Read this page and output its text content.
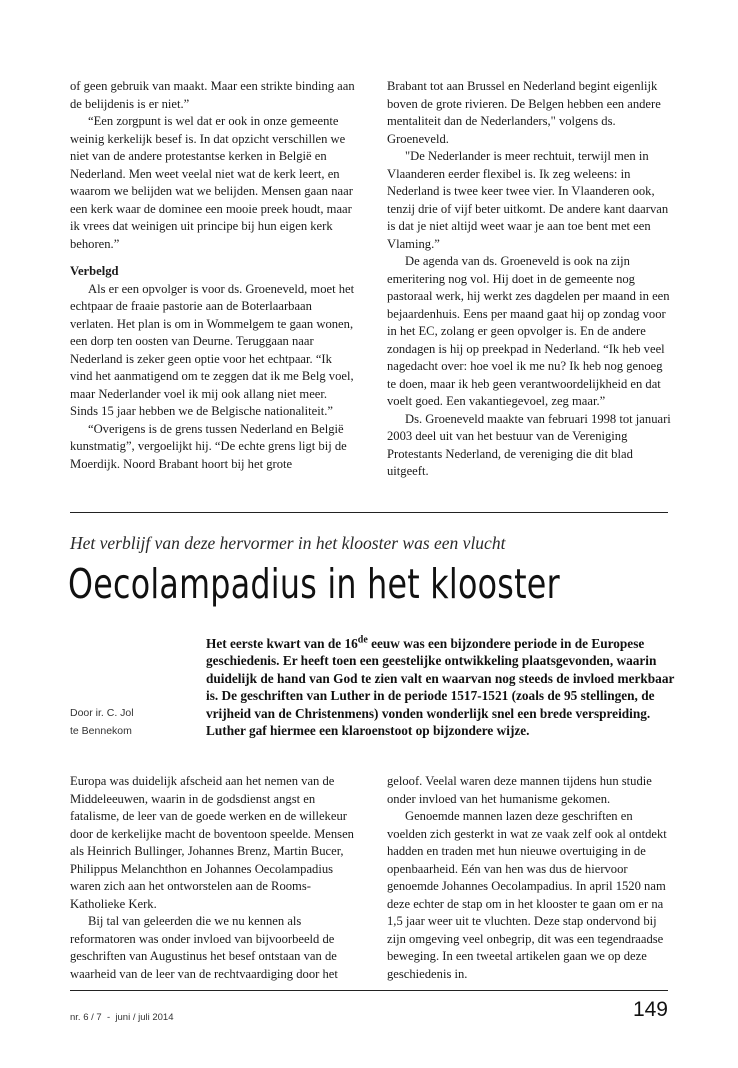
of geen gebruik van maakt. Maar een strikte binding aan de belijdenis is er niet.”

“Een zorgpunt is wel dat er ook in onze gemeente weinig kerkelijk besef is. In dat opzicht verschillen we niet van de andere protestantse kerken in België en Nederland. Men weet veelal niet wat de kerk leert, en waarom we belijden wat we belijden. Mensen gaan naar een kerk waar de dominee een mooie preek houdt, maar ik vrees dat weinigen uit principe bij hun eigen kerk behoren.”

Verbelgd

Als er een opvolger is voor ds. Groeneveld, moet het echtpaar de fraaie pastorie aan de Boterlaarbaan verlaten. Het plan is om in Wommelgem te gaan wonen, een dorp ten oosten van Deurne. Teruggaan naar Nederland is zeker geen optie voor het echtpaar. “Ik vind het aanmatigend om te zeggen dat ik me Belg voel, maar Nederlander voel ik mij ook allang niet meer. Sinds 15 jaar hebben we de Belgische nationaliteit.”

“Overigens is de grens tussen Nederland en België kunstmatig”, vergoelijkt hij. “De echte grens ligt bij de Moerdijk. Noord Brabant hoort bij het grote

Brabant tot aan Brussel en Nederland begint eigenlijk boven de grote rivieren. De Belgen hebben een andere mentaliteit dan de Nederlanders," volgens ds. Groeneveld.

"De Nederlander is meer rechtuit, terwijl men in Vlaanderen eerder flexibel is. Ik zeg weleens: in Nederland is twee keer twee vier. In Vlaanderen ook, tenzij drie of vijf beter uitkomt. De andere kant daarvan is dat je niet altijd weet waar je aan toe bent met een Vlaming.”

De agenda van ds. Groeneveld is ook na zijn emeritering nog vol. Hij doet in de gemeente nog pastoraal werk, hij werkt zes dagdelen per maand in een bejaardenhuis. Eens per maand gaat hij op zondag voor in het EC, zolang er geen opvolger is. En de andere zondagen is hij op preekpad in Nederland. “Ik heb veel nagedacht over: hoe voel ik me nu? Ik heb nog genoeg te doen, maar ik heb geen verantwoordelijkheid en dat voelt goed. Een vakantiegevoel, zeg maar.”

Ds. Groeneveld maakte van februari 1998 tot januari 2003 deel uit van het bestuur van de Vereniging Protestants Nederland, de vereniging die dit blad uitgeeft.

Het verblijf van deze hervormer in het klooster was een vlucht
Oecolampadius in het klooster
Door ir. C. Jol
te Bennekom
Het eerste kwart van de 16de eeuw was een bijzondere periode in de Europese geschiedenis. Er heeft toen een geestelijke ontwikkeling plaatsgevonden, waarin duidelijk de hand van God te zien valt en waarvan nog steeds de invloed merkbaar is. De geschriften van Luther in de periode 1517-1521 (zoals de 95 stellingen, de vrijheid van de Christenmens) vonden wonderlijk snel een brede verspreiding. Luther gaf hiermee een klaroenstoot op bijzondere wijze.

Europa was duidelijk afscheid aan het nemen van de Middeleeuwen, waarin in de godsdienst angst en fatalisme, de leer van de goede werken en de willekeur door de kerkelijke macht de boventoon speelde. Mensen als Heinrich Bullinger, Johannes Brenz, Martin Bucer, Philippus Melanchthon en Johannes Oecolampadius waren zich aan het ontworstelen aan de Rooms-Katholieke Kerk.

Bij tal van geleerden die we nu kennen als reformatoren was onder invloed van bijvoorbeeld de geschriften van Augustinus het besef ontstaan van de waarheid van de leer van de rechtvaardiging door het

geloof. Veelal waren deze mannen tijdens hun studie onder invloed van het humanisme gekomen.

Genoemde mannen lazen deze geschriften en voelden zich gesterkt in wat ze vaak zelf ook al ontdekt hadden en traden met hun nieuwe overtuiging in de openbaarheid. Eén van hen was dus de hiervoor genoemde Johannes Oecolampadius. In april 1520 nam deze echter de stap om in het klooster te gaan om er na 1,5 jaar weer uit te vluchten. Deze stap ondervond bij zijn omgeving veel onbegrip, dit was een tegendraadse beweging. In een tweetal artikelen gaan we op deze geschiedenis in.

nr. 6 / 7  -  juni / juli 2014	149
